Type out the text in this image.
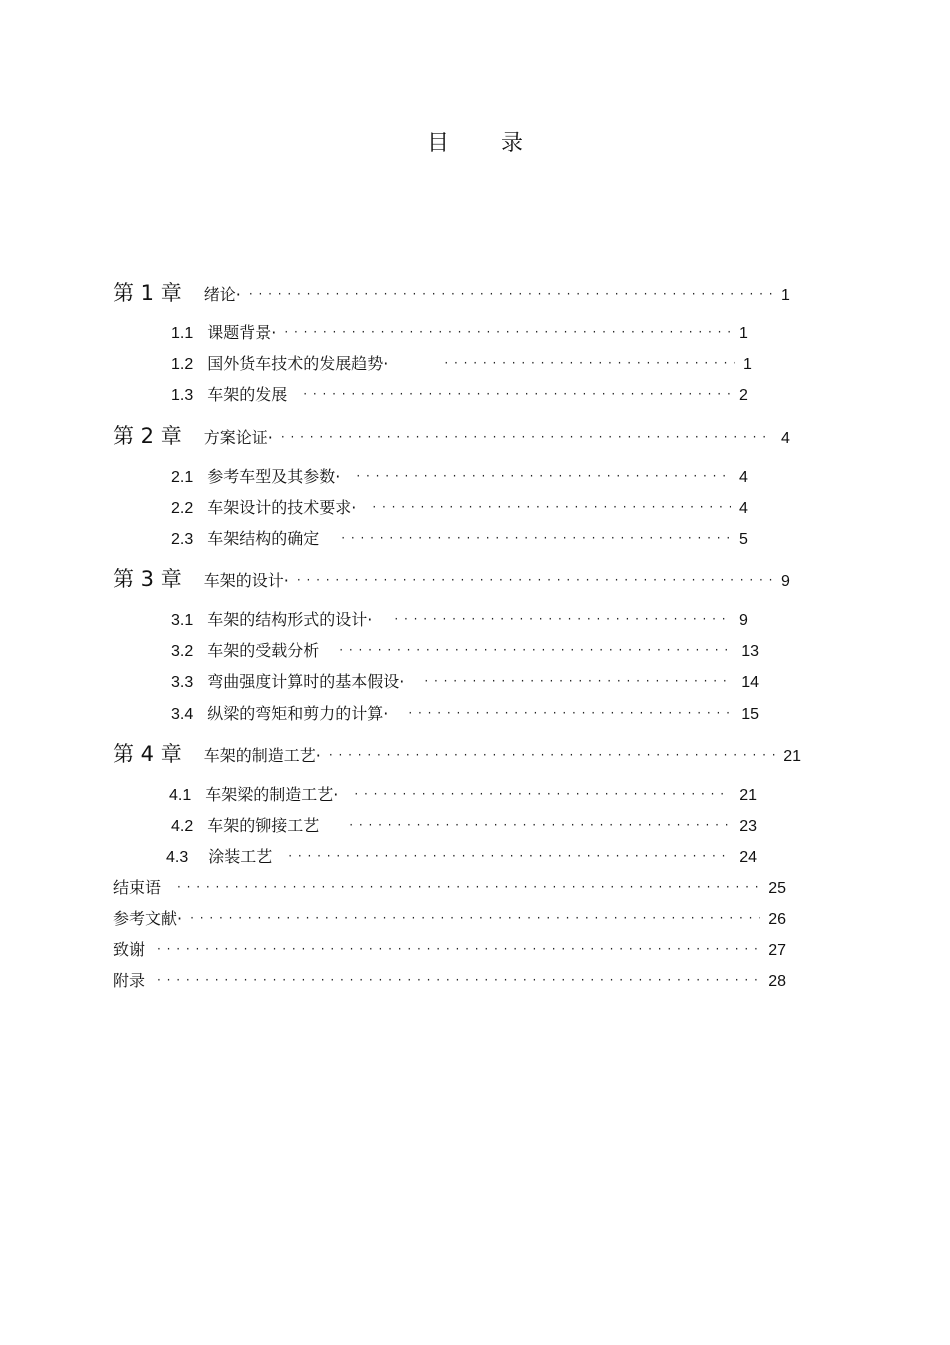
目 录
第 1 章 绪论· · · ·	1
1.1 课题背景· · · ·	1
1.2 国外货车技术的发展趋势· · · ·	1
1.3 车架的发展 · · ·	2
第 2 章 方案论证· · · ·	4
2.1 参考车型及其参数· · · ·	4
2.2 车架设计的技术要求· · · ·	4
2.3 车架结构的确定 · · ·	5
第 3 章 车架的设计· · · ·	9
3.1 车架的结构形式的设计· · · ·	9
3.2 车架的受载分析 · · ·	13
3.3 弯曲强度计算时的基本假设· · · ·	14
3.4 纵梁的弯矩和剪力的计算· · · ·	15
第 4 章 车架的制造工艺· · · ·	21
4.1 车架梁的制造工艺· · · ·	21
4.2 车架的铆接工艺 · · ·	23
4.3 涂装工艺 · · ·	24
结束语 · · ·	25
参考文献· · · ·	26
致谢 · · ·	27
附录 · · ·	28
